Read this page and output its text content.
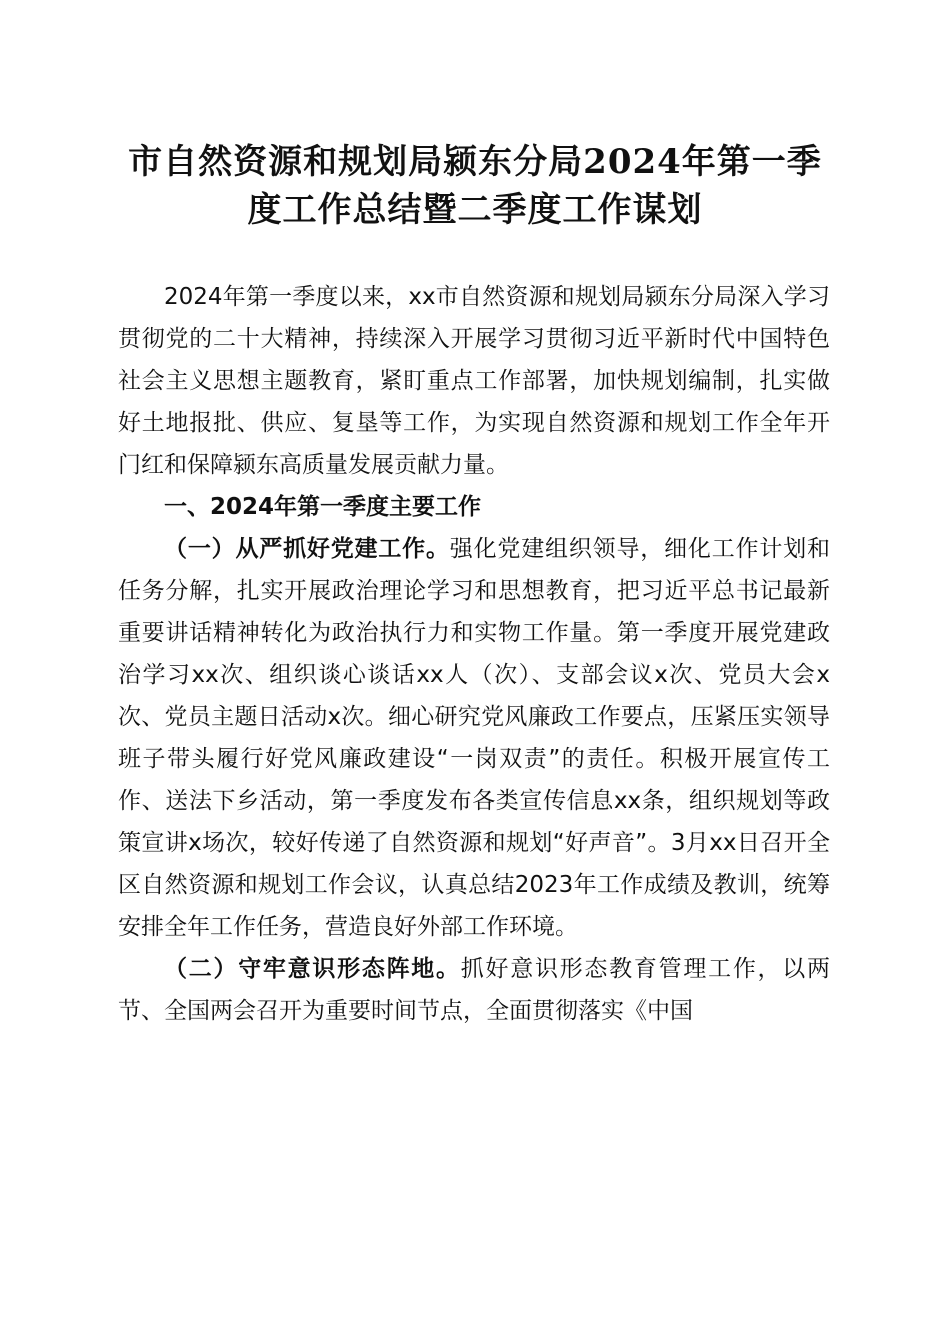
市自然资源和规划局颍东分局2024年第一季
度工作总结暨二季度工作谋划

2024年第一季度以来，xx市自然资源和规划局颍东分局深入学习贯彻党的二十大精神，持续深入开展学习贯彻习近平新时代中国特色社会主义思想主题教育，紧盯重点工作部署，加快规划编制，扎实做好土地报批、供应、复垦等工作，为实现自然资源和规划工作全年开门红和保障颍东高质量发展贡献力量。

一、2024年第一季度主要工作

（一）从严抓好党建工作。强化党建组织领导，细化工作计划和任务分解，扎实开展政治理论学习和思想教育，把习近平总书记最新重要讲话精神转化为政治执行力和实物工作量。第一季度开展党建政治学习xx次、组织谈心谈话xx人（次）、支部会议x次、党员大会x次、党员主题日活动x次。细心研究党风廉政工作要点，压紧压实领导班子带头履行好党风廉政建设“一岗双责”的责任。积极开展宣传工作、送法下乡活动，第一季度发布各类宣传信息xx条，组织规划等政策宣讲x场次，较好传递了自然资源和规划“好声音”。3月xx日召开全区自然资源和规划工作会议，认真总结2023年工作成绩及教训，统筹安排全年工作任务，营造良好外部工作环境。

（二）守牢意识形态阵地。抓好意识形态教育管理工作，以两节、全国两会召开为重要时间节点，全面贯彻落实《中国
